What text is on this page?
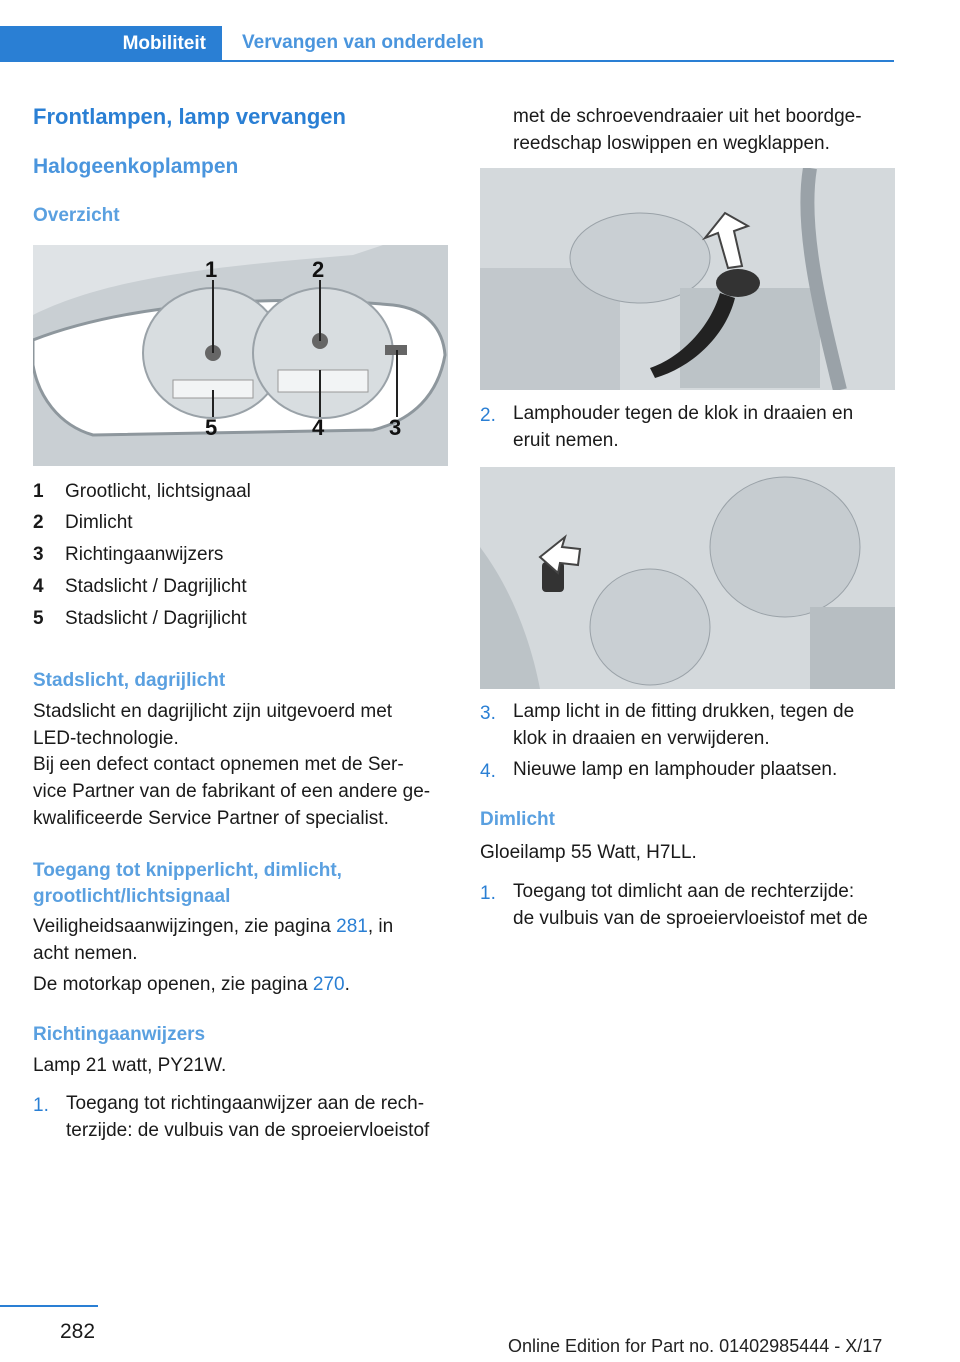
Mobiliteit	Vervangen van onderdelen
Frontlampen, lamp vervangen
Halogeenkoplampen
Overzicht
1	2
3
4
5
1 Grootlicht, lichtsignaal
2 Dimlicht
3 Richtingaanwijzers
4 Stadslicht / Dagrijlicht
5 Stadslicht / Dagrijlicht
Stadslicht, dagrijlicht
Stadslicht en dagrijlicht zijn uitgevoerd met
LED-technologie.
Bij een defect contact opnemen met de Ser-
vice Partner van de fabrikant of een andere ge-
kwalificeerde Service Partner of specialist.
Toegang tot knipperlicht, dimlicht,
grootlicht/lichtsignaal
Veiligheidsaanwijzingen, zie pagina 281, in
acht nemen.
De motorkap openen, zie pagina 270.
Richtingaanwijzers
Lamp 21 watt, PY21W.
1. Toegang tot richtingaanwijzer aan de rech-
terzijde: de vulbuis van de sproeiervloeistof
met de schroevendraaier uit het boordge-
reedschap loswippen en wegklappen.
2. Lamphouder tegen de klok in draaien en
eruit nemen.
3. Lamp licht in de fitting drukken, tegen de
klok in draaien en verwijderen.
4. Nieuwe lamp en lamphouder plaatsen.
Dimlicht
Gloeilamp 55 Watt, H7LL.
1. Toegang tot dimlicht aan de rechterzijde:
de vulbuis van de sproeiervloeistof met de
282
Online Edition for Part no. 01402985444 - X/17
